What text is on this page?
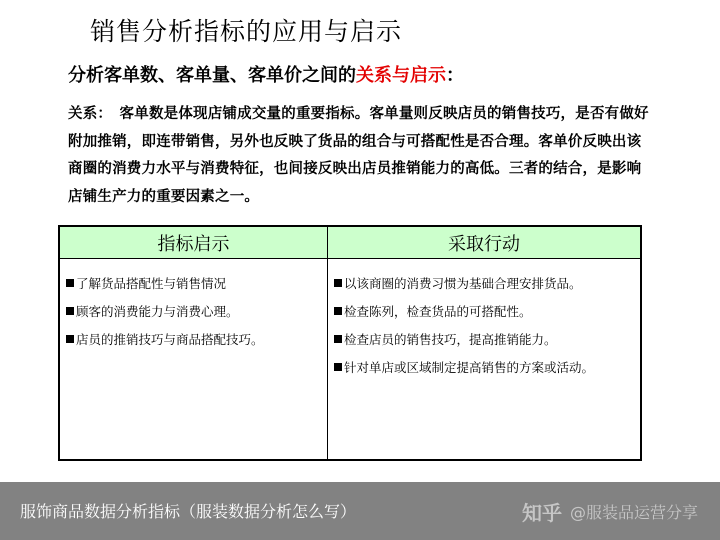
销售分析指标的应用与启示
分析客单数、客单量、客单价之间的关系与启示：
关系：　客单数是体现店铺成交量的重要指标。客单量则反映店员的销售技巧，是否有做好附加推销，即连带销售，另外也反映了货品的组合与可搭配性是否合理。客单价反映出该商圈的消费力水平与消费特征，也间接反映出店员推销能力的高低。三者的结合，是影响店铺生产力的重要因素之一。
指标启示	采取行动
了解货品搭配性与销售情况
顾客的消费能力与消费心理。
店员的推销技巧与商品搭配技巧。
以该商圈的消费习惯为基础合理安排货品。
检查陈列，检查货品的可搭配性。
检查店员的销售技巧，提高推销能力。
针对单店或区域制定提高销售的方案或活动。
服饰商品数据分析指标（服装数据分析怎么写）	知乎 @服装品运营分享
